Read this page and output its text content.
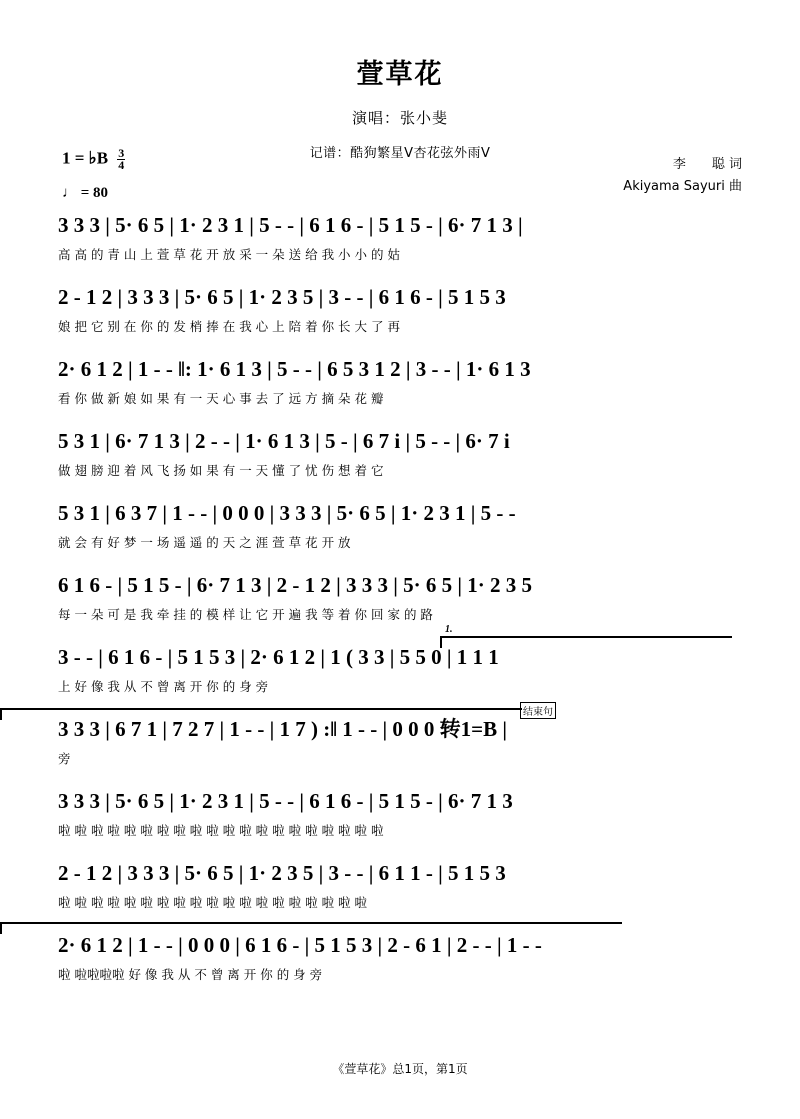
萱草花
演唱：张小斐
记谱：酷狗繁星V杏花弦外雨V
李　　聪 词
Akiyama Sayuri 曲
1 = ♭B $\frac{3}{4}$
♩ = 80
3 3 3 | 5· 6 5 | 1· 2 3 1 | 5 - - | 6 1 6 - | 5 1 5 - | 6· 7 1 3 |
高 高 的 青 山 上 萱 草 花 开 放 采 一 朵 送 给 我 小 小 的 姑
2 - 1 2 | 3 3 3 | 5· 6 5 | 1· 2 3 5 | 3 - - | 6 1 6 - | 5 1 5 3
娘 把 它 别 在 你 的 发 梢 捧 在 我 心 上 陪 着 你 长 大 了 再
2· 6 1 2 | 1 - - ‖: 1· 6 1 3 | 5 - - | 6 5 3 1 2 | 3 - - | 1· 6 1 3
看 你 做 新 娘 如 果 有 一 天 心 事 去 了 远 方 摘 朵 花 瓣
5 3 1 | 6· 7 1 3 | 2 - - | 1· 6 1 3 | 5 - | 6 7 i | 5 - - | 6· 7 i
做 翅 膀 迎 着 风 飞 扬 如 果 有 一 天 懂 了 忧 伤 想 着 它
5 3 1 | 6 3 7 | 1 - - | 0 0 0 | 3 3 3 | 5· 6 5 | 1· 2 3 1 | 5 - -
就 会 有 好 梦 一 场 遥 遥 的 天 之 涯 萱 草 花 开 放
6 1 6 - | 5 1 5 - | 6· 7 1 3 | 2 - 1 2 | 3 3 3 | 5· 6 5 | 1· 2 3 5
每 一 朵 可 是 我 牵 挂 的 模 样 让 它 开 遍 我 等 着 你 回 家 的 路
3 - - | 6 1 6 - | 5 1 5 3 | 2· 6 1 2 | 1 ( 3 3 | 5 5 0 | 1 1 1
上 好 像 我 从 不 曾 离 开 你 的 身 旁
1.
3 3 3 | 6 7 1 | 7 2 7 | 1 - - | 1 7 ) :‖ 1 - - | 0 0 0 转1=B |
旁
结束句
3 3 3 | 5· 6 5 | 1· 2 3 1 | 5 - - | 6 1 6 - | 5 1 5 - | 6· 7 1 3
啦 啦 啦 啦 啦 啦 啦 啦 啦 啦 啦 啦 啦 啦 啦 啦 啦 啦 啦 啦
2 - 1 2 | 3 3 3 | 5· 6 5 | 1· 2 3 5 | 3 - - | 6 1 1 - | 5 1 5 3
啦 啦 啦 啦 啦 啦 啦 啦 啦 啦 啦 啦 啦 啦 啦 啦 啦 啦 啦
2· 6 1 2 | 1 - - | 0 0 0 | 6 1 6 - | 5 1 5 3 | 2 - 6 1 | 2 - - | 1 - -
啦 啦啦啦啦 好 像 我 从 不 曾 离 开 你 的 身 旁
《萱草花》总1页，第1页
